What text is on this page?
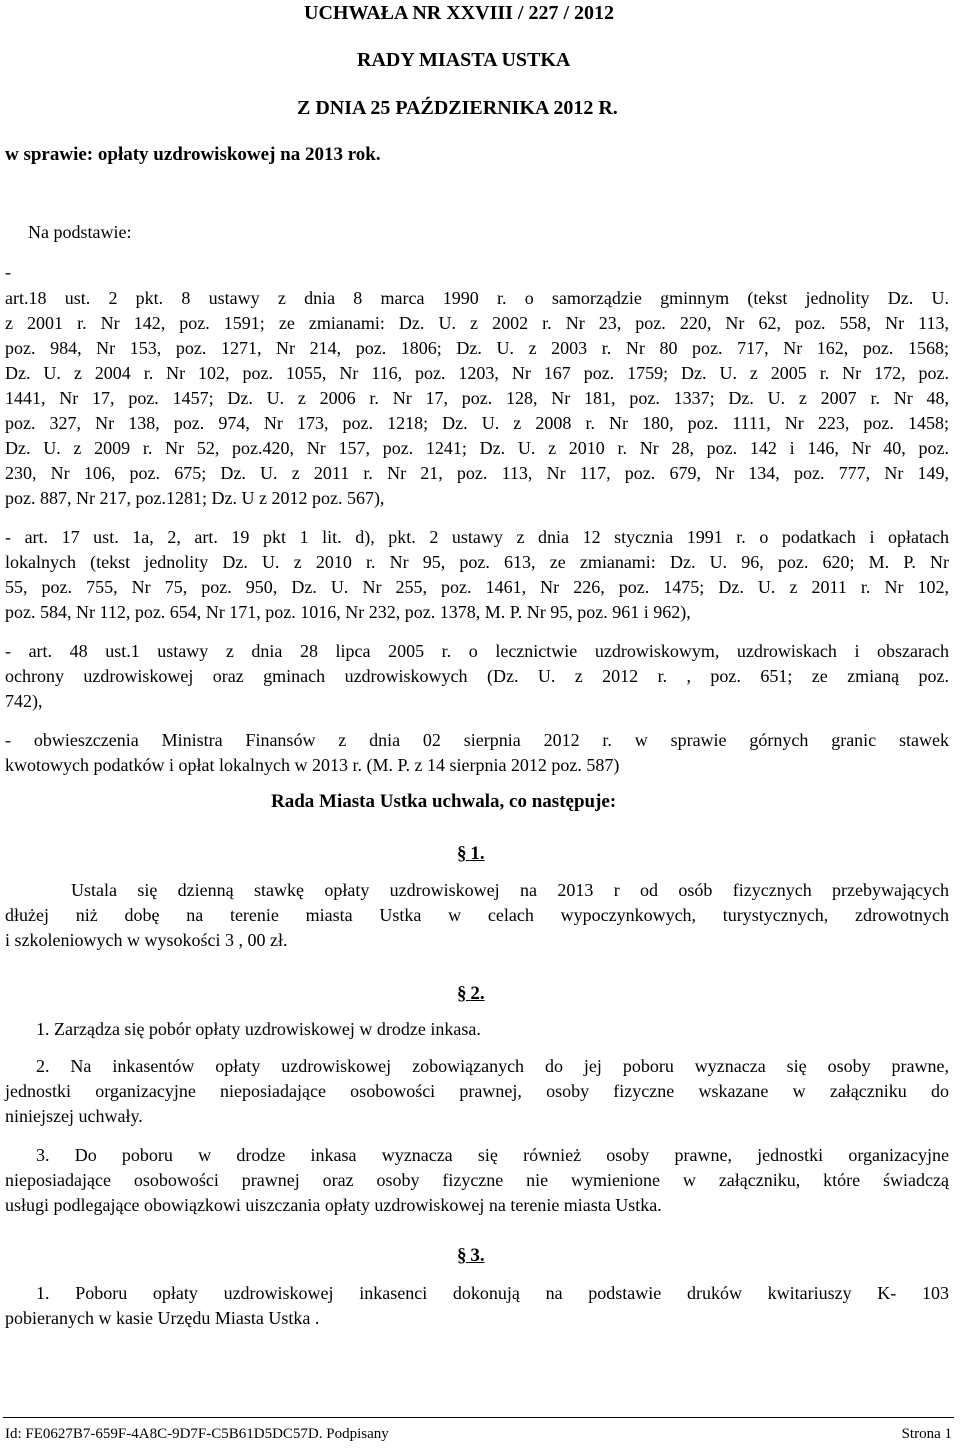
UCHWAŁA NR XXVIII / 227 / 2012
RADY MIASTA USTKA
Z DNIA 25 PAŹDZIERNIKA 2012 R.
w sprawie: opłaty uzdrowiskowej na 2013 rok.
Na podstawie:
-
art.18 ust. 2 pkt. 8 ustawy z dnia 8 marca 1990 r. o samorządzie gminnym (tekst jednolity Dz. U.
z 2001 r. Nr 142, poz. 1591; ze zmianami: Dz. U. z 2002 r. Nr 23, poz. 220, Nr 62, poz. 558, Nr 113,
poz. 984, Nr 153, poz. 1271, Nr 214, poz. 1806; Dz. U. z 2003 r. Nr 80 poz. 717, Nr 162, poz. 1568;
Dz. U. z 2004 r. Nr 102, poz. 1055, Nr 116, poz. 1203, Nr 167 poz. 1759; Dz. U. z 2005 r. Nr 172, poz.
1441, Nr 17, poz. 1457; Dz. U. z 2006 r. Nr 17, poz. 128, Nr 181, poz. 1337; Dz. U. z 2007 r. Nr 48,
poz. 327, Nr 138, poz. 974, Nr 173, poz. 1218; Dz. U. z 2008 r. Nr 180, poz. 1111, Nr 223, poz. 1458;
Dz. U. z 2009 r. Nr 52, poz.420, Nr 157, poz. 1241; Dz. U. z 2010 r. Nr 28, poz. 142 i 146, Nr 40, poz.
230, Nr 106, poz. 675; Dz. U. z 2011 r. Nr 21, poz. 113, Nr 117, poz. 679, Nr 134, poz. 777, Nr 149,
poz. 887, Nr 217, poz.1281; Dz. U z 2012 poz. 567),
- art. 17 ust. 1a, 2, art. 19 pkt 1 lit. d), pkt. 2 ustawy z dnia 12 stycznia 1991 r. o podatkach i opłatach
lokalnych (tekst jednolity Dz. U. z 2010 r. Nr 95, poz. 613, ze zmianami: Dz. U. 96, poz. 620; M. P. Nr
55, poz. 755, Nr 75, poz. 950, Dz. U. Nr 255, poz. 1461, Nr 226, poz. 1475; Dz. U. z 2011 r. Nr 102,
poz. 584, Nr 112, poz. 654, Nr 171, poz. 1016, Nr 232, poz. 1378, M. P. Nr 95, poz. 961 i 962),
- art. 48 ust.1 ustawy z dnia 28 lipca 2005 r. o lecznictwie uzdrowiskowym, uzdrowiskach i obszarach
ochrony uzdrowiskowej oraz gminach uzdrowiskowych (Dz. U. z 2012 r. , poz. 651; ze zmianą poz.
742),
- obwieszczenia Ministra Finansów z dnia 02 sierpnia 2012 r. w sprawie górnych granic stawek
kwotowych podatków i opłat lokalnych w 2013 r. (M. P. z 14 sierpnia 2012 poz. 587)
Rada Miasta Ustka uchwala, co następuje:
§ 1.
Ustala się dzienną stawkę opłaty uzdrowiskowej na 2013 r od osób fizycznych przebywających
dłużej niż dobę na terenie miasta Ustka w celach wypoczynkowych, turystycznych, zdrowotnych
i szkoleniowych w wysokości 3 , 00 zł.
§ 2.
1. Zarządza się pobór opłaty uzdrowiskowej w drodze inkasa.
2. Na inkasentów opłaty uzdrowiskowej zobowiązanych do jej poboru wyznacza się osoby prawne,
jednostki organizacyjne nieposiadające osobowości prawnej, osoby fizyczne wskazane w załączniku do
niniejszej uchwały.
3. Do poboru w drodze inkasa wyznacza się również osoby prawne, jednostki organizacyjne
nieposiadające osobowości prawnej oraz osoby fizyczne nie wymienione w załączniku, które świadczą
usługi podlegające obowiązkowi uiszczania opłaty uzdrowiskowej na terenie miasta Ustka.
§ 3.
1. Poboru opłaty uzdrowiskowej inkasenci dokonują na podstawie druków kwitariuszy K- 103
pobieranych w kasie Urzędu Miasta Ustka .
Id: FE0627B7-659F-4A8C-9D7F-C5B61D5DC57D. Podpisany	Strona 1
